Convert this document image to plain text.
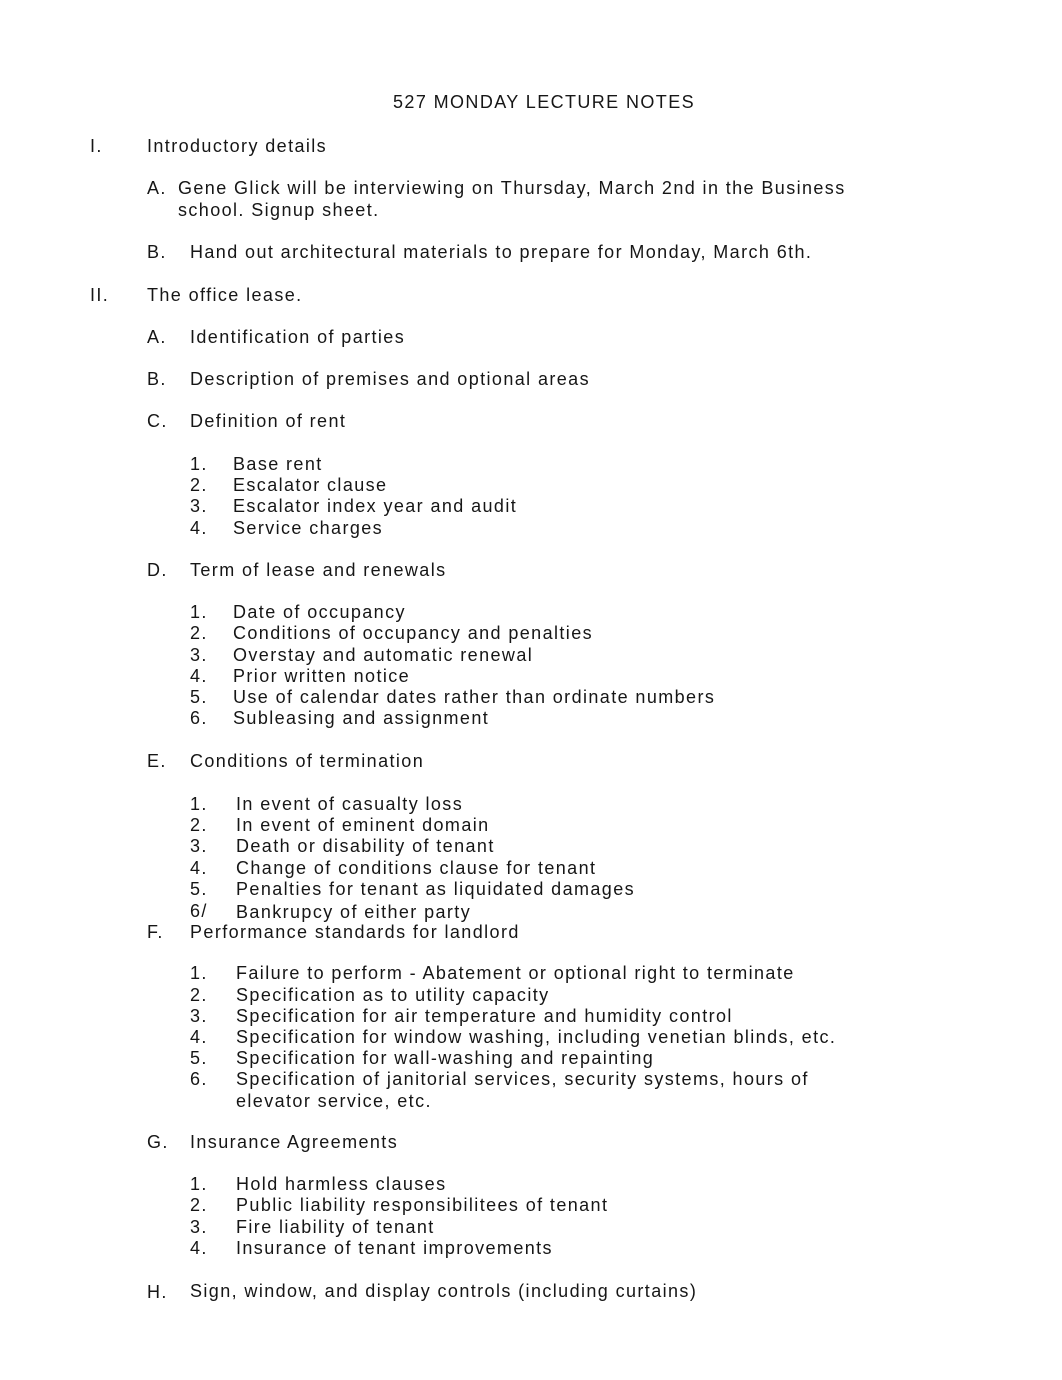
527 MONDAY LECTURE NOTES
I. Introductory details
A. Gene Glick will be interviewing on Thursday, March 2nd in the Business
school. Signup sheet.
B. Hand out architectural materials to prepare for Monday, March 6th.
II. The office lease.
A. Identification of parties
B. Description of premises and optional areas
C. Definition of rent
1. Base rent
2. Escalator clause
3. Escalator index year and audit
4. Service charges
D. Term of lease and renewals
1. Date of occupancy
2. Conditions of occupancy and penalties
3. Overstay and automatic renewal
4. Prior written notice
5. Use of calendar dates rather than ordinate numbers
6. Subleasing and assignment
E. Conditions of termination
1. In event of casualty loss
2. In event of eminent domain
3. Death or disability of tenant
4. Change of conditions clause for tenant
5. Penalties for tenant as liquidated damages
6/ Bankrupcy of either party
F. Performance standards for landlord
1. Failure to perform - Abatement or optional right to terminate
2. Specification as to utility capacity
3. Specification for air temperature and humidity control
4. Specification for window washing, including venetian blinds, etc.
5. Specification for wall-washing and repainting
6. Specification of janitorial services, security systems, hours of
elevator service, etc.
G. Insurance Agreements
1. Hold harmless clauses
2. Public liability responsibilitees of tenant
3. Fire liability of tenant
4. Insurance of tenant improvements
H. Sign, window, and display controls (including curtains)
